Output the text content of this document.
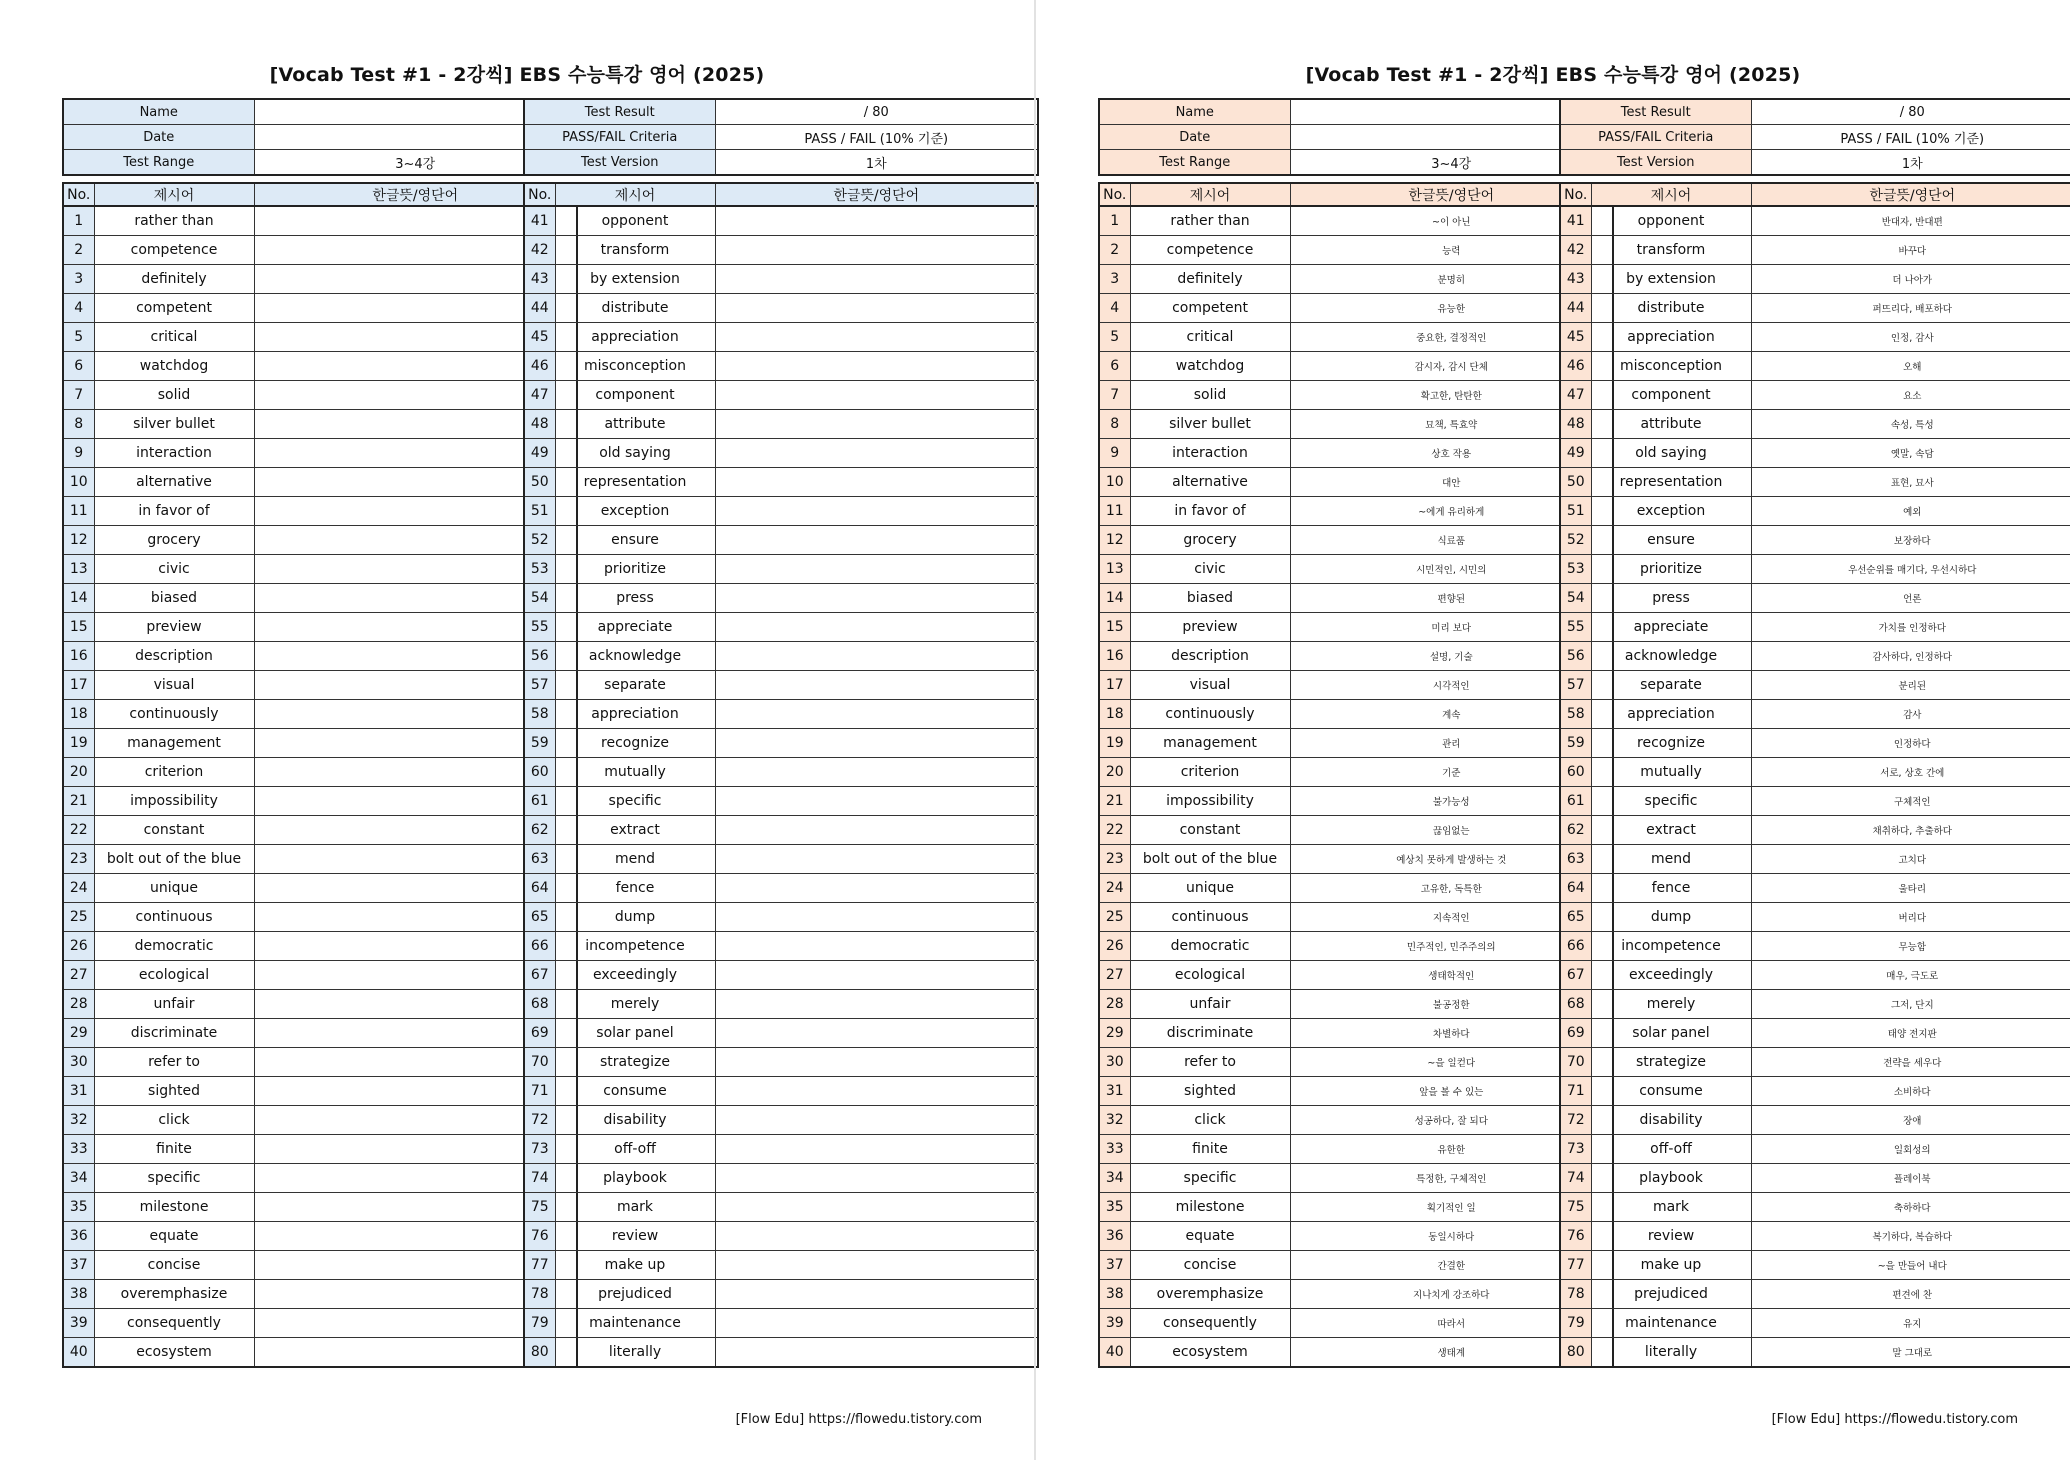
[Vocab Test #1 - 2강씩] EBS 수능특강 영어 (2025)
Name	
Date	
Test Range	3~4강
Test Result	/ 80
PASS/FAIL Criteria	PASS / FAIL (10% 기준)
Test Version	1차
No.	제시어	한글뜻/영단어
1	rather than	
2	competence	
3	definitely	
4	competent	
5	critical	
6	watchdog	
7	solid	
8	silver bullet	
9	interaction	
10	alternative	
11	in favor of	
12	grocery	
13	civic	
14	biased	
15	preview	
16	description	
17	visual	
18	continuously	
19	management	
20	criterion	
21	impossibility	
22	constant	
23	bolt out of the blue	
24	unique	
25	continuous	
26	democratic	
27	ecological	
28	unfair	
29	discriminate	
30	refer to	
31	sighted	
32	click	
33	finite	
34	specific	
35	milestone	
36	equate	
37	concise	
38	overemphasize	
39	consequently	
40	ecosystem	
No.	제시어	한글뜻/영단어
41	opponent	
42	transform	
43	by extension	
44	distribute	
45	appreciation	
46	misconception	
47	component	
48	attribute	
49	old saying	
50	representation	
51	exception	
52	ensure	
53	prioritize	
54	press	
55	appreciate	
56	acknowledge	
57	separate	
58	appreciation	
59	recognize	
60	mutually	
61	specific	
62	extract	
63	mend	
64	fence	
65	dump	
66	incompetence	
67	exceedingly	
68	merely	
69	solar panel	
70	strategize	
71	consume	
72	disability	
73	off-off	
74	playbook	
75	mark	
76	review	
77	make up	
78	prejudiced	
79	maintenance	
80	literally	
[Flow Edu] https://flowedu.tistory.com
[Vocab Test #1 - 2강씩] EBS 수능특강 영어 (2025)
Name	
Date	
Test Range	3~4강
Test Result	/ 80
PASS/FAIL Criteria	PASS / FAIL (10% 기준)
Test Version	1차
No.	제시어	한글뜻/영단어
1	rather than	~이 아닌
2	competence	능력
3	definitely	분명히
4	competent	유능한
5	critical	중요한, 결정적인
6	watchdog	감시자, 감시 단체
7	solid	확고한, 탄탄한
8	silver bullet	묘책, 특효약
9	interaction	상호 작용
10	alternative	대안
11	in favor of	~에게 유리하게
12	grocery	식료품
13	civic	시민적인, 시민의
14	biased	편향된
15	preview	미리 보다
16	description	설명, 기술
17	visual	시각적인
18	continuously	계속
19	management	관리
20	criterion	기준
21	impossibility	불가능성
22	constant	끊임없는
23	bolt out of the blue	예상치 못하게 발생하는 것
24	unique	고유한, 독특한
25	continuous	지속적인
26	democratic	민주적인, 민주주의의
27	ecological	생태학적인
28	unfair	불공정한
29	discriminate	차별하다
30	refer to	~을 일컫다
31	sighted	앞을 볼 수 있는
32	click	성공하다, 잘 되다
33	finite	유한한
34	specific	특정한, 구체적인
35	milestone	획기적인 일
36	equate	동일시하다
37	concise	간결한
38	overemphasize	지나치게 강조하다
39	consequently	따라서
40	ecosystem	생태계
No.	제시어	한글뜻/영단어
41	opponent	반대자, 반대편
42	transform	바꾸다
43	by extension	더 나아가
44	distribute	퍼뜨리다, 배포하다
45	appreciation	인정, 감사
46	misconception	오해
47	component	요소
48	attribute	속성, 특성
49	old saying	옛말, 속담
50	representation	표현, 묘사
51	exception	예외
52	ensure	보장하다
53	prioritize	우선순위를 매기다, 우선시하다
54	press	언론
55	appreciate	가치를 인정하다
56	acknowledge	감사하다, 인정하다
57	separate	분리된
58	appreciation	감사
59	recognize	인정하다
60	mutually	서로, 상호 간에
61	specific	구체적인
62	extract	채취하다, 추출하다
63	mend	고치다
64	fence	울타리
65	dump	버리다
66	incompetence	무능함
67	exceedingly	매우, 극도로
68	merely	그저, 단지
69	solar panel	태양 전지판
70	strategize	전략을 세우다
71	consume	소비하다
72	disability	장애
73	off-off	일회성의
74	playbook	플레이북
75	mark	축하하다
76	review	복기하다, 복습하다
77	make up	~을 만들어 내다
78	prejudiced	편견에 찬
79	maintenance	유지
80	literally	말 그대로
[Flow Edu] https://flowedu.tistory.com
